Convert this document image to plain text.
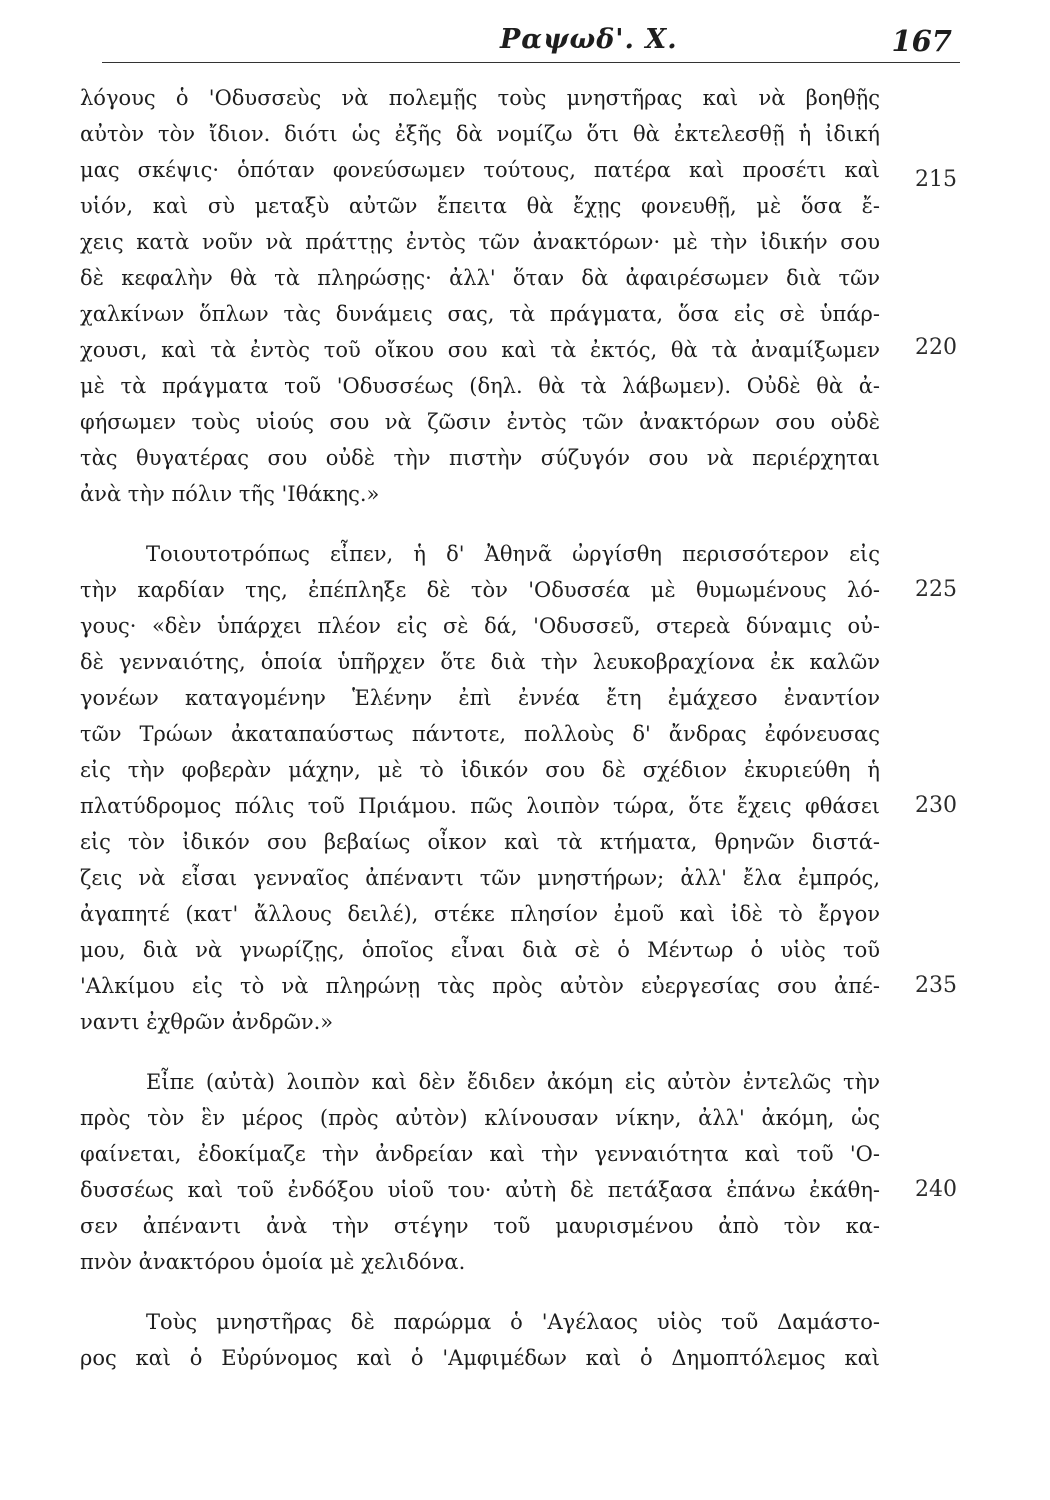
Ραψωδ'. Χ.	167
λόγους ὁ 'Οδυσσεὺς νὰ πολεμῇς τοὺς μνηστῆρας καὶ νὰ βοηθῇς
αὐτὸν τὸν ἴδιον. διότι ὡς ἐξῆς δὰ νομίζω ὅτι θὰ ἐκτελεσθῇ ἡ ἰδική
μας σκέψις· ὁπόταν φονεύσωμεν τούτους, πατέρα καὶ προσέτι καὶ
υἱόν, καὶ σὺ μεταξὺ αὐτῶν ἔπειτα θὰ ἔχῃς φονευθῇ, μὲ ὅσα ἔ-
χεις κατὰ νοῦν νὰ πράττῃς ἐντὸς τῶν ἀνακτόρων· μὲ τὴν ἰδικήν σου
δὲ κεφαλὴν θὰ τὰ πληρώσῃς· ἀλλ' ὅταν δὰ ἀφαιρέσωμεν διὰ τῶν
χαλκίνων ὅπλων τὰς δυνάμεις σας, τὰ πράγματα, ὅσα εἰς σὲ ὑπάρ-
χουσι, καὶ τὰ ἐντὸς τοῦ οἴκου σου καὶ τὰ ἐκτός, θὰ τὰ ἀναμίξωμεν
μὲ τὰ πράγματα τοῦ 'Οδυσσέως (δηλ. θὰ τὰ λάβωμεν). Οὐδὲ θὰ ἀ-
φήσωμεν τοὺς υἱούς σου νὰ ζῶσιν ἐντὸς τῶν ἀνακτόρων σου οὐδὲ
τὰς θυγατέρας σου οὐδὲ τὴν πιστὴν σύζυγόν σου νὰ περιέρχηται
ἀνὰ τὴν πόλιν τῆς 'Ιθάκης.»
Τοιουτοτρόπως εἶπεν, ἡ δ' Ἀθηνᾶ ὠργίσθη περισσότερον εἰς
τὴν καρδίαν της, ἐπέπληξε δὲ τὸν 'Οδυσσέα μὲ θυμωμένους λό-
γους· «δὲν ὑπάρχει πλέον εἰς σὲ δά, 'Οδυσσεῦ, στερεὰ δύναμις οὐ-
δὲ γενναιότης, ὁποία ὑπῆρχεν ὅτε διὰ τὴν λευκοβραχίονα ἐκ καλῶν
γονέων καταγομένην Ἑλένην ἐπὶ ἐννέα ἔτη ἐμάχεσο ἐναντίον
τῶν Τρώων ἀκαταπαύστως πάντοτε, πολλοὺς δ' ἄνδρας ἐφόνευσας
εἰς τὴν φοβερὰν μάχην, μὲ τὸ ἰδικόν σου δὲ σχέδιον ἐκυριεύθη ἡ
πλατύδρομος πόλις τοῦ Πριάμου. πῶς λοιπὸν τώρα, ὅτε ἔχεις φθάσει
εἰς τὸν ἰδικόν σου βεβαίως οἶκον καὶ τὰ κτήματα, θρηνῶν διστά-
ζεις νὰ εἶσαι γενναῖος ἀπέναντι τῶν μνηστήρων; ἀλλ' ἔλα ἐμπρός,
ἀγαπητέ (κατ' ἄλλους δειλέ), στέκε πλησίον ἐμοῦ καὶ ἰδὲ τὸ ἔργον
μου, διὰ νὰ γνωρίζῃς, ὁποῖος εἶναι διὰ σὲ ὁ Μέντωρ ὁ υἱὸς τοῦ
'Αλκίμου εἰς τὸ νὰ πληρώνῃ τὰς πρὸς αὐτὸν εὐεργεσίας σου ἀπέ-
ναντι ἐχθρῶν ἀνδρῶν.»
Εἶπε (αὐτὰ) λοιπὸν καὶ δὲν ἔδιδεν ἀκόμη εἰς αὐτὸν ἐντελῶς τὴν
πρὸς τὸν ἓν μέρος (πρὸς αὐτὸν) κλίνουσαν νίκην, ἀλλ' ἀκόμη, ὡς
φαίνεται, ἐδοκίμαζε τὴν ἀνδρείαν καὶ τὴν γενναιότητα καὶ τοῦ 'Ο-
δυσσέως καὶ τοῦ ἐνδόξου υἱοῦ του· αὐτὴ δὲ πετάξασα ἐπάνω ἐκάθη-
σεν ἀπέναντι ἀνὰ τὴν στέγην τοῦ μαυρισμένου ἀπὸ τὸν κα-
πνὸν ἀνακτόρου ὁμοία μὲ χελιδόνα.
Τοὺς μνηστῆρας δὲ παρώρμα ὁ 'Αγέλαος υἱὸς τοῦ Δαμάστο-
ρος καὶ ὁ Εὐρύνομος καὶ ὁ 'Αμφιμέδων καὶ ὁ Δημοπτόλεμος καὶ
215
220
225
230
235
240
